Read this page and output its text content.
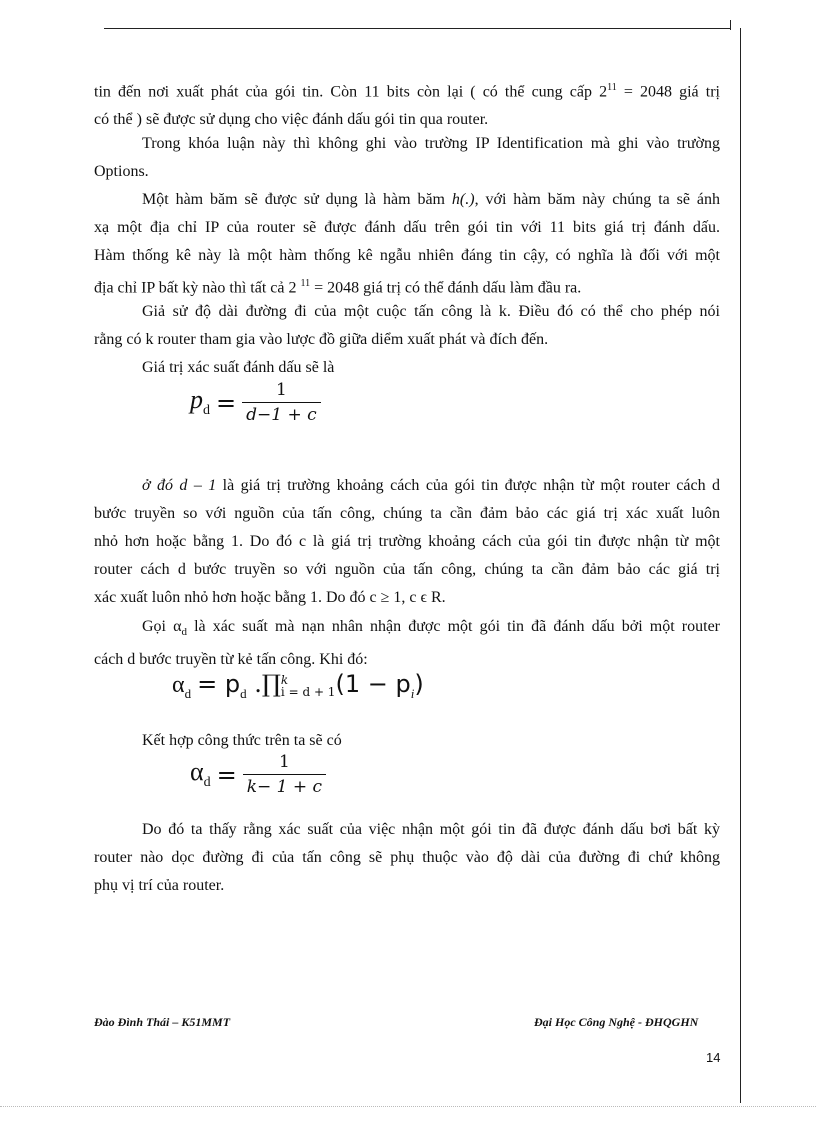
tin đến nơi xuất phát của gói tin. Còn 11 bits còn lại ( có thể cung cấp $2^{11} = 2048$ giá trị
có thể ) sẽ được sử dụng cho việc đánh dấu gói tin qua router.
Trong khóa luận này thì không ghi vào trường IP Identification mà ghi vào trường
Options.
Một hàm băm sẽ được sử dụng là hàm băm h(.), với hàm băm này chúng ta sẽ ánh
xạ một địa chỉ IP của router sẽ được đánh dấu trên gói tin với 11 bits giá trị đánh dấu.
Hàm thống kê này là một hàm thống kê ngẫu nhiên đáng tin cậy, có nghĩa là đối với một
địa chỉ IP bất kỳ nào thì tất cả 2 $^{11}$ = 2048 giá trị có thể đánh dấu làm đầu ra.
Giả sử độ dài đường đi của một cuộc tấn công là k. Điều đó có thể cho phép nói
rằng có k router tham gia vào lược đồ giữa diểm xuất phát và đích đến.
Giá trị xác suất đánh dấu sẽ là
$p_d = \frac{1}{d-1 + c}$
ở đó d – 1 là giá trị trường khoảng cách của gói tin được nhận từ một router cách d
bước truyền so với nguồn của tấn công, chúng ta cần đảm bảo các giá trị xác xuất luôn
nhỏ hơn hoặc bằng 1. Do đó c là giá trị trường khoảng cách của gói tin được nhận từ một
router cách d bước truyền so với nguồn của tấn công, chúng ta cần đảm bảo các giá trị
xác xuất luôn nhỏ hơn hoặc bằng 1. Do đó c ≥ 1, c ϵ R.
Gọi $\alpha_d$ là xác suất mà nạn nhân nhận được một gói tin đã đánh dấu bởi một router
cách d bước truyền từ kẻ tấn công. Khi đó:
$\alpha_d = p_d$ .∏ k
i = d + 1 $(1 - p_i)$
Kết hợp công thức trên ta sẽ có
$\alpha_d = \frac{1}{k- 1 + c}$
Do đó ta thấy rằng xác suất của việc nhận một gói tin đã được đánh dấu bơi bất kỳ
router nào dọc đường đi của tấn công sẽ phụ thuộc vào độ dài của đường đi chứ không
phụ vị trí của router.
Đào Đình Thái – K51MMT	Đại Học Công Nghệ - ĐHQGHN
14
